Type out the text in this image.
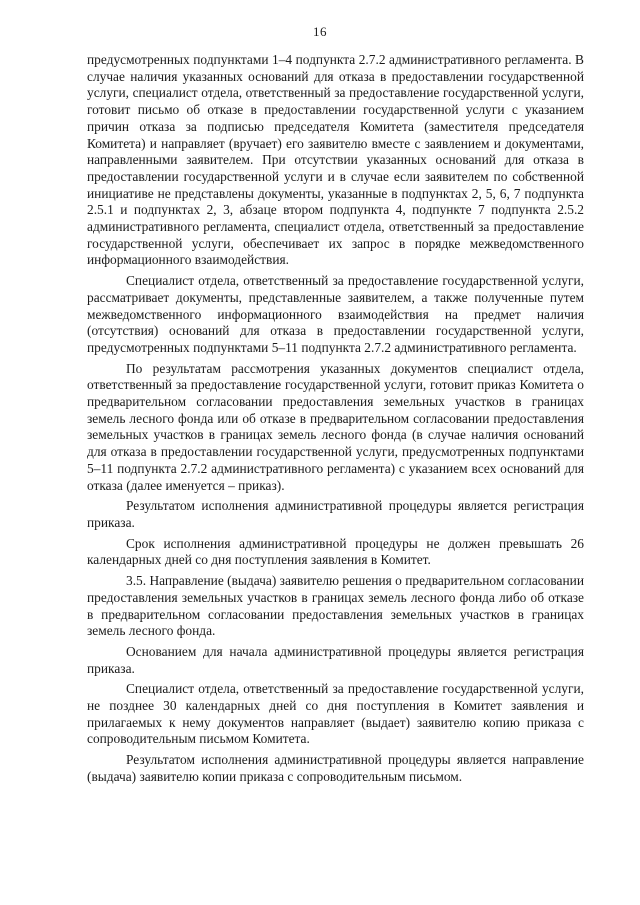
16

предусмотренных подпунктами 1–4 подпункта 2.7.2 административного регламента. В случае наличия указанных оснований для отказа в предоставлении государственной услуги, специалист отдела, ответственный за предоставление государственной услуги, готовит письмо об отказе в предоставлении государственной услуги с указанием причин отказа за подписью председателя Комитета (заместителя председателя Комитета) и направляет (вручает) его заявителю вместе с заявлением и документами, направленными заявителем. При отсутствии указанных оснований для отказа в предоставлении государственной услуги и в случае если заявителем по собственной инициативе не представлены документы, указанные в подпунктах 2, 5, 6, 7 подпункта 2.5.1 и подпунктах 2, 3, абзаце втором подпункта 4, подпункте 7 подпункта 2.5.2 административного регламента, специалист отдела, ответственный за предоставление государственной услуги, обеспечивает их запрос в порядке межведомственного информационного взаимодействия.

Специалист отдела, ответственный за предоставление государственной услуги, рассматривает документы, представленные заявителем, а также полученные путем межведомственного информационного взаимодействия на предмет наличия (отсутствия) оснований для отказа в предоставлении государственной услуги, предусмотренных подпунктами 5–11 подпункта 2.7.2 административного регламента.

По результатам рассмотрения указанных документов специалист отдела, ответственный за предоставление государственной услуги, готовит приказ Комитета о предварительном согласовании предоставления земельных участков в границах земель лесного фонда или об отказе в предварительном согласовании предоставления земельных участков в границах земель лесного фонда (в случае наличия оснований для отказа в предоставлении государственной услуги, предусмотренных подпунктами 5–11 подпункта 2.7.2 административного регламента) с указанием всех оснований для отказа (далее именуется – приказ).

Результатом исполнения административной процедуры является регистрация приказа.

Срок исполнения административной процедуры не должен превышать 26 календарных дней со дня поступления заявления в Комитет.

3.5. Направление (выдача) заявителю решения о предварительном согласовании предоставления земельных участков в границах земель лесного фонда либо об отказе в предварительном согласовании предоставления земельных участков в границах земель лесного фонда.

Основанием для начала административной процедуры является регистрация приказа.

Специалист отдела, ответственный за предоставление государственной услуги, не позднее 30 календарных дней со дня поступления в Комитет заявления и прилагаемых к нему документов направляет (выдает) заявителю копию приказа с сопроводительным письмом Комитета.

Результатом исполнения административной процедуры является направление (выдача) заявителю копии приказа с сопроводительным письмом.
